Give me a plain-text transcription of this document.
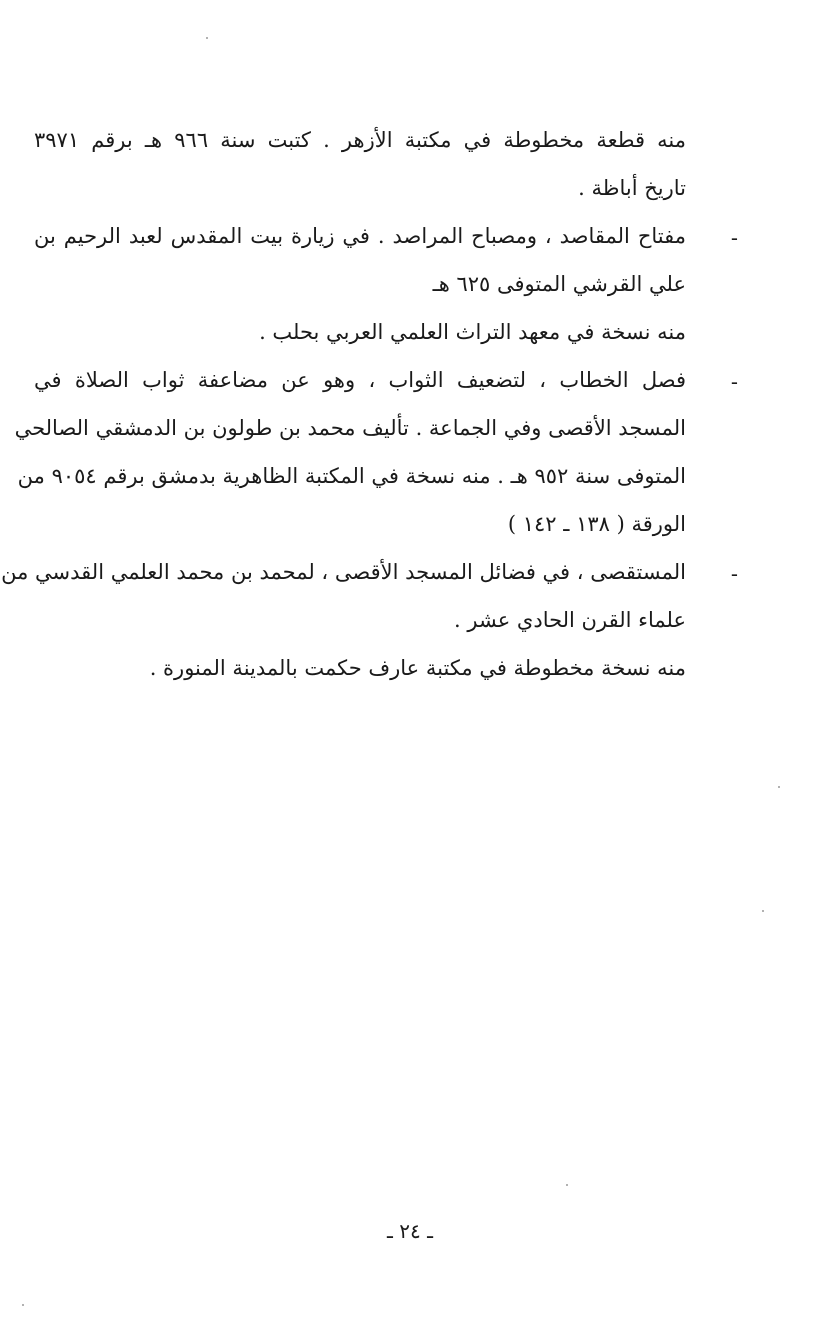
منه قطعة مخطوطة في مكتبة الأزهر . كتبت سنة ٩٦٦ هـ برقم ٣٩٧١
تاريخ أباظة .
-
مفتاح المقاصد ، ومصباح المراصد . في زيارة بيت المقدس لعبد الرحيم بن
علي القرشي المتوفى ٦٢٥ هـ
منه نسخة في معهد التراث العلمي العربي بحلب .
-
فصل الخطاب ، لتضعيف الثواب ، وهو عن مضاعفة ثواب الصلاة في
المسجد الأقصى وفي الجماعة . تأليف محمد بن طولون بن الدمشقي الصالحي
المتوفى سنة ٩٥٢ هـ . منه نسخة في المكتبة الظاهرية بدمشق برقم ٩٠٥٤ من
الورقة ( ١٣٨ ـ ١٤٢ )
-
المستقصى ، في فضائل المسجد الأقصى ، لمحمد بن محمد العلمي القدسي من
علماء القرن الحادي عشر .
منه نسخة مخطوطة في مكتبة عارف حكمت بالمدينة المنورة .
ـ ٢٤ ـ
